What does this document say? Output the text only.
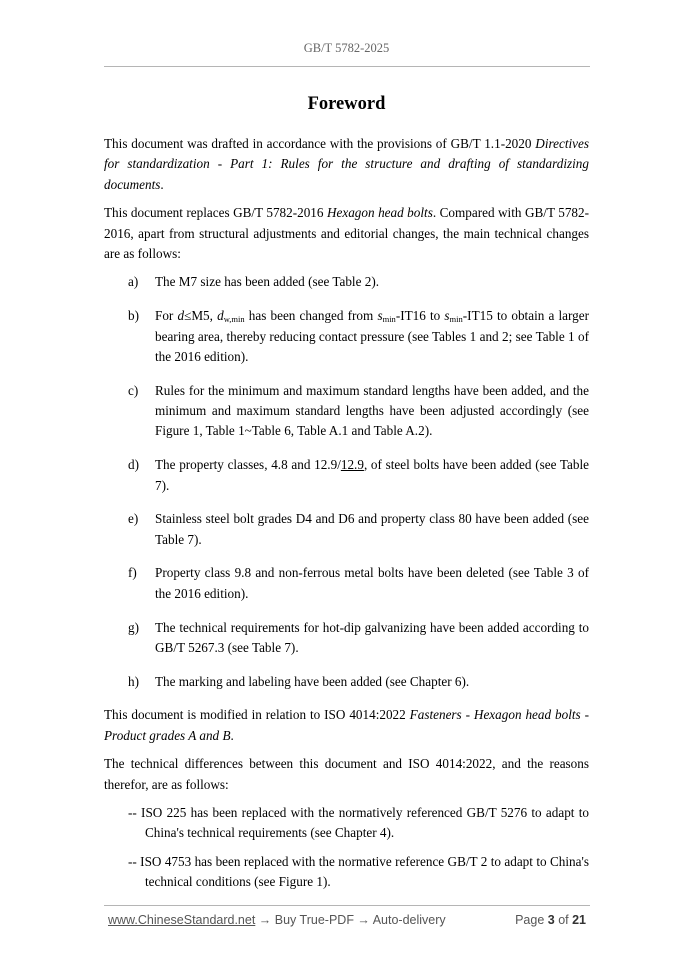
GB/T 5782-2025
Foreword

This document was drafted in accordance with the provisions of GB/T 1.1-2020 Directives for standardization - Part 1: Rules for the structure and drafting of standardizing documents.

This document replaces GB/T 5782-2016 Hexagon head bolts. Compared with GB/T 5782-2016, apart from structural adjustments and editorial changes, the main technical changes are as follows:

a) The M7 size has been added (see Table 2).
b) For d≤M5, $d_{w,min}$ has been changed from $s_{min}-IT16$ to $s_{min}-IT15$ to obtain a larger bearing area, thereby reducing contact pressure (see Tables 1 and 2; see Table 1 of the 2016 edition).
c) Rules for the minimum and maximum standard lengths have been added, and the minimum and maximum standard lengths have been adjusted accordingly (see Figure 1, Table 1~Table 6, Table A.1 and Table A.2).
d) The property classes, 4.8 and 12.9/12.9, of steel bolts have been added (see Table 7).
e) Stainless steel bolt grades D4 and D6 and property class 80 have been added (see Table 7).
f) Property class 9.8 and non-ferrous metal bolts have been deleted (see Table 3 of the 2016 edition).
g) The technical requirements for hot-dip galvanizing have been added according to GB/T 5267.3 (see Table 7).
h) The marking and labeling have been added (see Chapter 6).

This document is modified in relation to ISO 4014:2022 Fasteners - Hexagon head bolts - Product grades A and B.

The technical differences between this document and ISO 4014:2022, and the reasons therefor, are as follows:

-- ISO 225 has been replaced with the normatively referenced GB/T 5276 to adapt to China's technical requirements (see Chapter 4).

-- ISO 4753 has been replaced with the normative reference GB/T 2 to adapt to China's technical conditions (see Figure 1).

www.ChineseStandard.net → Buy True-PDF → Auto-delivery	Page 3 of 21
